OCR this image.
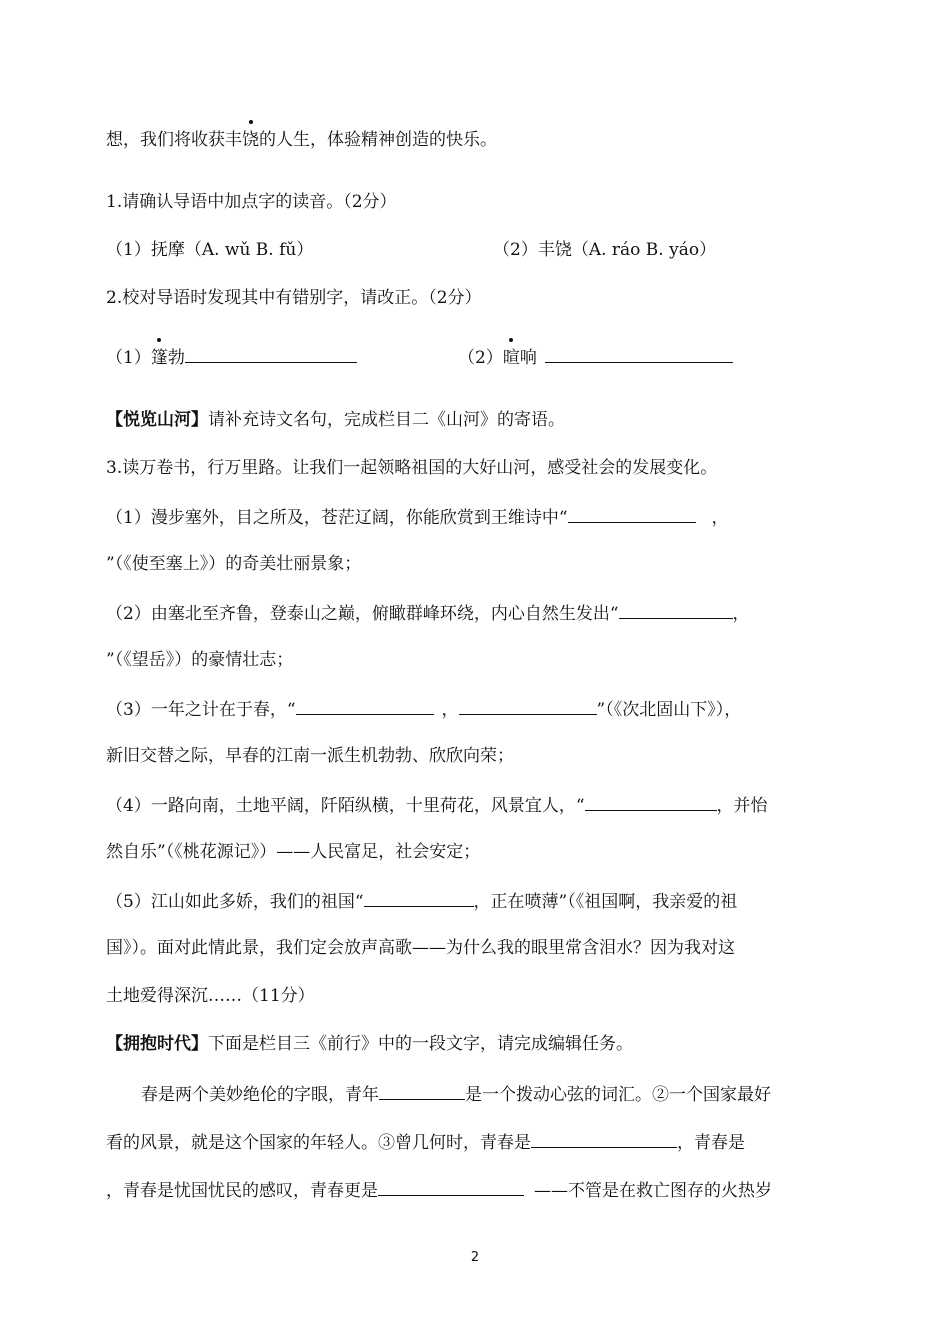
想，我们将收获丰饶的人生，体验精神创造的快乐。
1.请确认导语中加点字的读音。（2分）
（1）抚摩（A. wǔ B. fǔ）	（2）丰饶（A. ráo B. yáo）
2.校对导语时发现其中有错别字，请改正。（2分）
（1）篷勃	（2）暄响
【悦览山河】请补充诗文名句，完成栏目二《山河》的寄语。
3.读万卷书，行万里路。让我们一起领略祖国的大好山河，感受社会的发展变化。
（1）漫步塞外，目之所及，苍茫辽阔，你能欣赏到王维诗中“	，
”（《使至塞上》）的奇美壮丽景象；
（2）由塞北至齐鲁，登泰山之巅，俯瞰群峰环绕，内心自然生发出“	，
”（《望岳》）的豪情壮志；
（3）一年之计在于春，“	，	”（《次北固山下》），
新旧交替之际，早春的江南一派生机勃勃、欣欣向荣；
（4）一路向南，土地平阔，阡陌纵横，十里荷花，风景宜人，“	，并怡
然自乐”（《桃花源记》）——人民富足，社会安定；
（5）江山如此多娇，我们的祖国“	，正在喷薄”（《祖国啊，我亲爱的祖
国》）。面对此情此景，我们定会放声高歌——为什么我的眼里常含泪水？因为我对这
土地爱得深沉……（11分）
【拥抱时代】下面是栏目三《前行》中的一段文字，请完成编辑任务。
春是两个美妙绝伦的字眼，青年	是一个拨动心弦的词汇。②一个国家最好
看的风景，就是这个国家的年轻人。③曾几何时，青春是	，青春是
，青春是忧国忧民的感叹，青春更是	——不管是在救亡图存的火热岁
2
